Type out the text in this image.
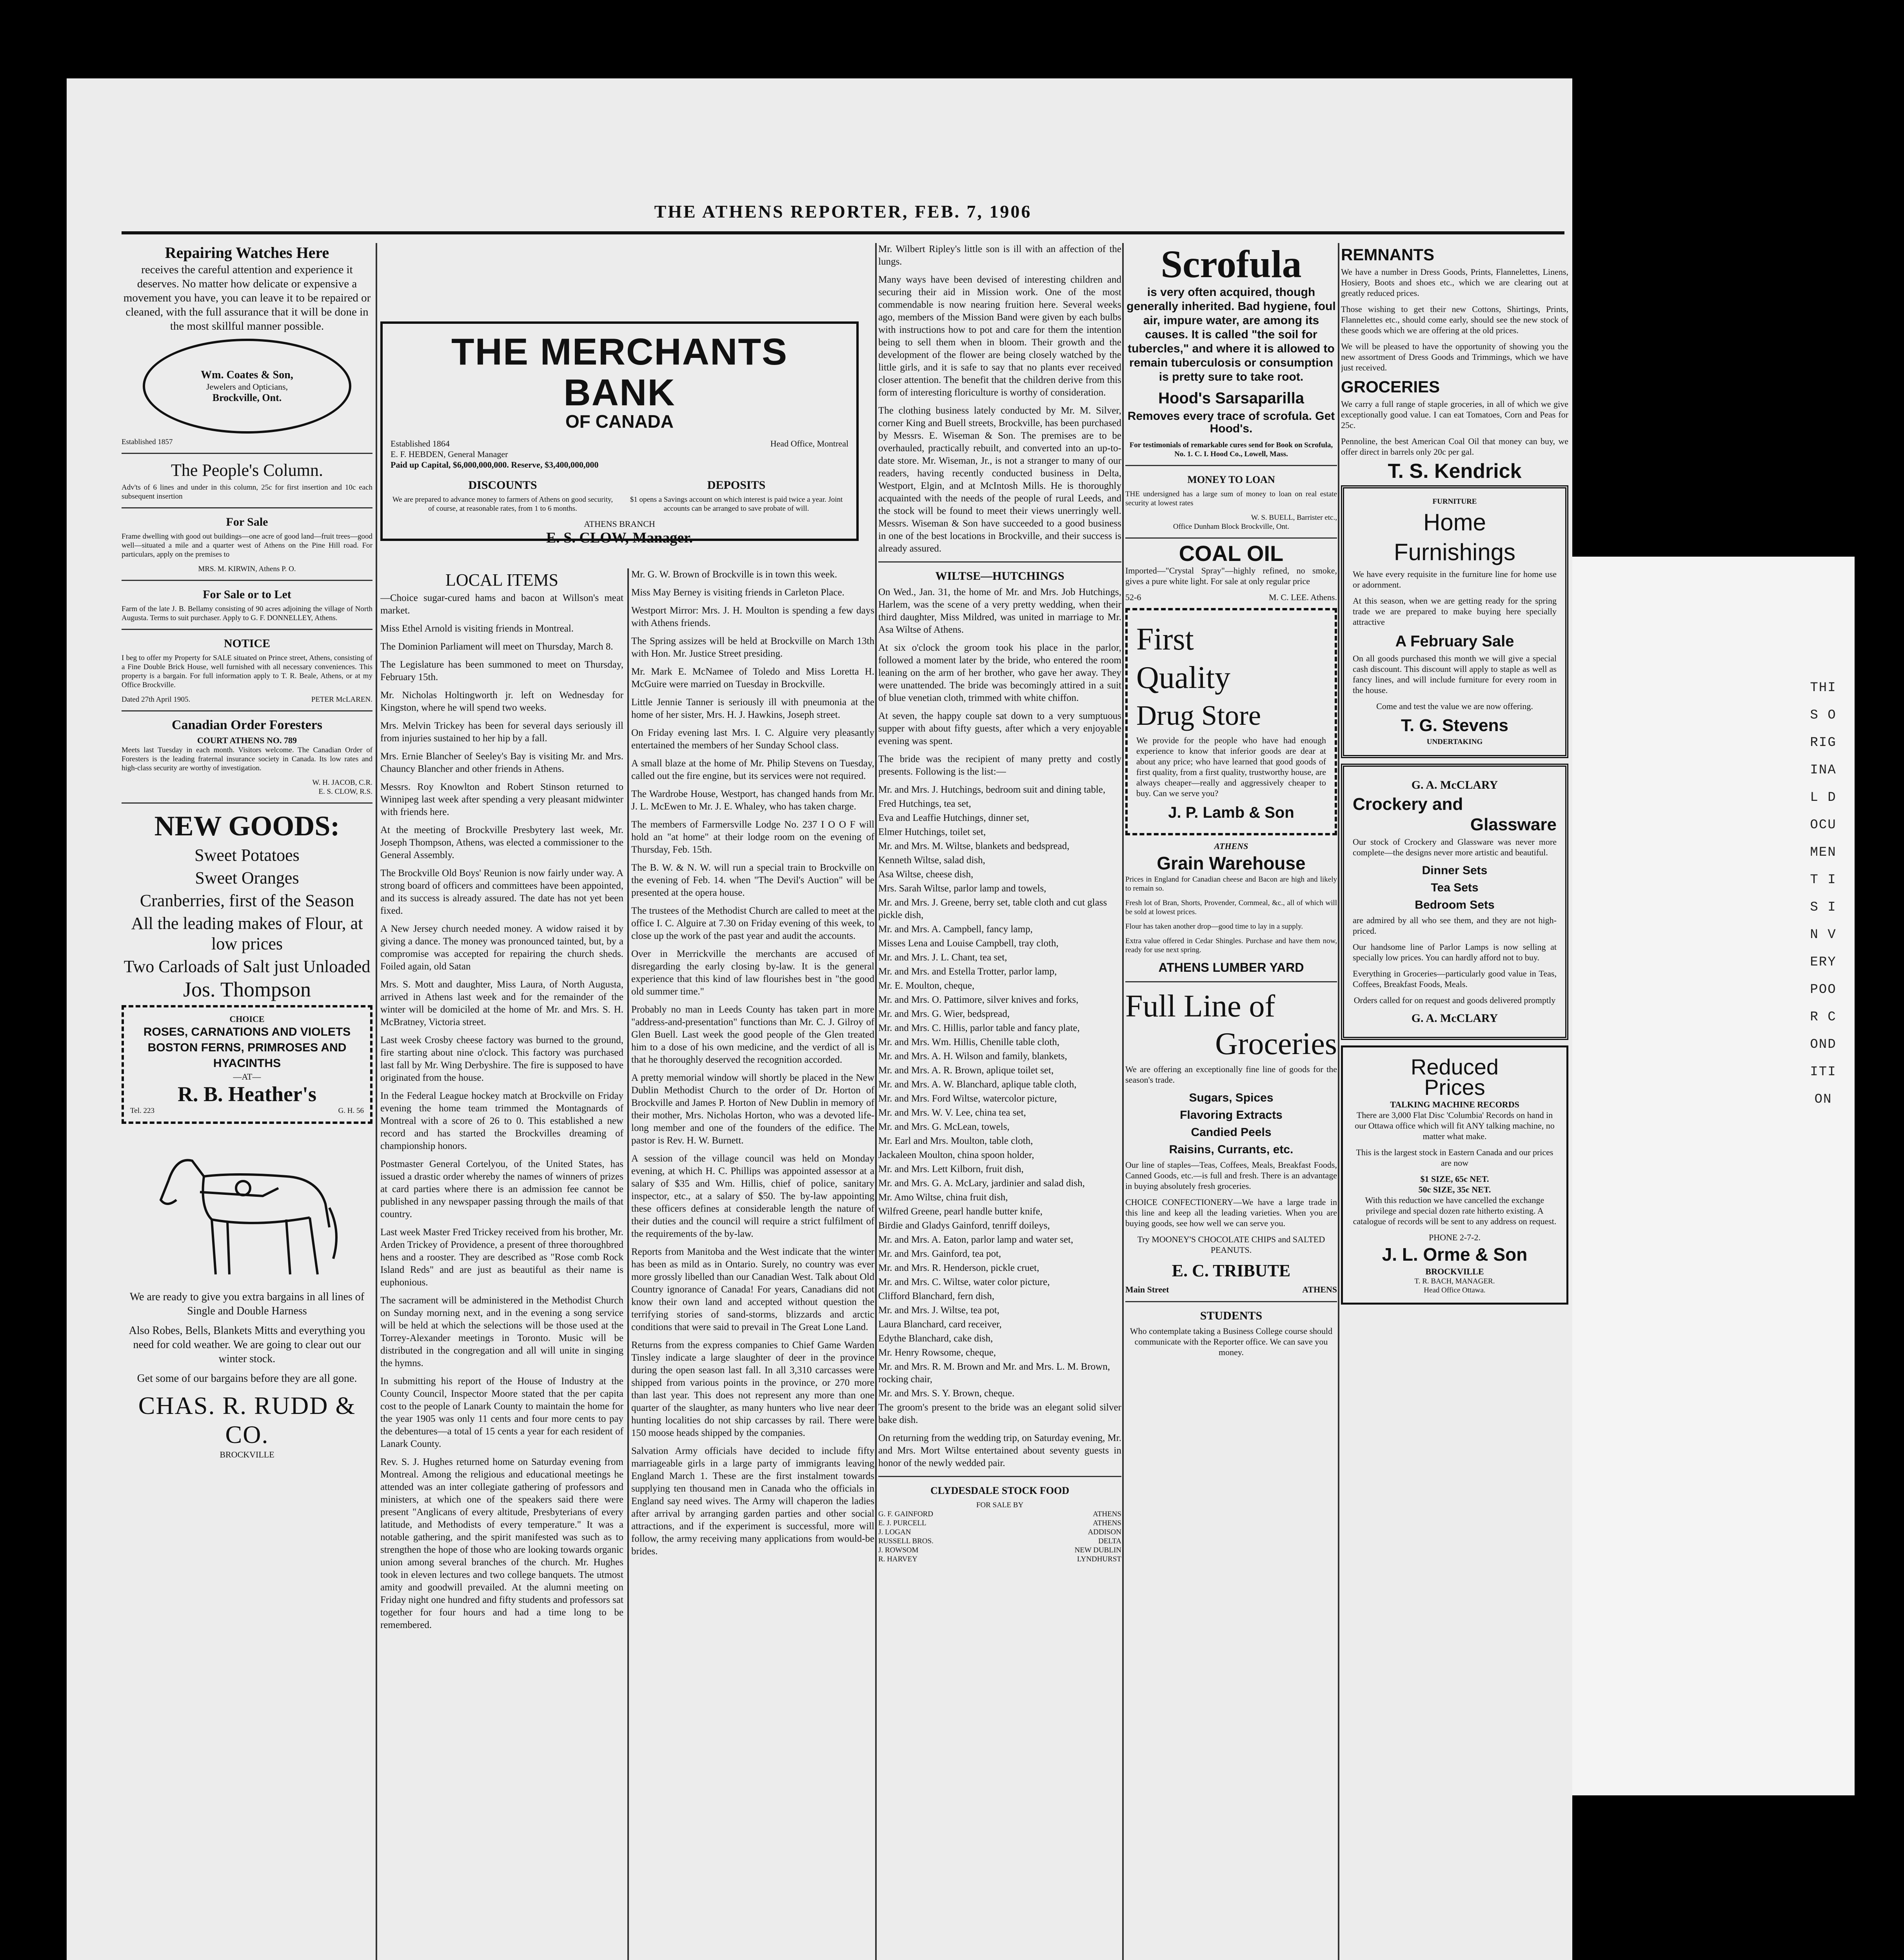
THE ATHENS REPORTER, FEB. 7, 1906
Repairing Watches Here

receives the careful attention and experience it deserves. No matter how delicate or expensive a movement you have, you can leave it to be repaired or cleaned, with the full assurance that it will be done in the most skillful manner possible.

Wm. Coates & Son,
Jewelers and Opticians,
Brockville, Ont.
Established 1857
The People's Column.

Adv'ts of 6 lines and under in this column, 25c for first insertion and 10c each subsequent insertion

For Sale

Frame dwelling with good out buildings—one acre of good land—fruit trees—good well—situated a mile and a quarter west of Athens on the Pine Hill road. For particulars, apply on the premises to

MRS. M. KIRWIN, Athens P. O.

For Sale or to Let

Farm of the late J. B. Bellamy consisting of 90 acres adjoining the village of North Augusta. Terms to suit purchaser. Apply to G. F. DONNELLEY, Athens.

NOTICE

I beg to offer my Property for SALE situated on Prince street, Athens, consisting of a Fine Double Brick House, well furnished with all necessary conveniences. This property is a bargain. For full information apply to T. R. Beale, Athens, or at my Office Brockville.

Dated 27th April 1905.	PETER McLAREN.
Canadian Order Foresters
COURT ATHENS NO. 789

Meets last Tuesday in each month. Visitors welcome. The Canadian Order of Foresters is the leading fraternal insurance society in Canada. Its low rates and high-class security are worthy of investigation.

W. H. JACOB, C.R.
E. S. CLOW, R.S.
NEW GOODS:
Sweet Potatoes
Sweet Oranges
Cranberries, first of the Season
All the leading makes of Flour, at low prices
Two Carloads of Salt just Unloaded
Jos. Thompson
CHOICE
ROSES, CARNATIONS AND VIOLETS BOSTON FERNS, PRIMROSES AND HYACINTHS
—AT—
R. B. Heather's
Tel. 223	G. H. 56

We are ready to give you extra bargains in all lines of Single and Double Harness

Also Robes, Bells, Blankets Mitts and everything you need for cold weather. We are going to clear out our winter stock.

Get some of our bargains before they are all gone.

CHAS. R. RUDD & CO.
BROCKVILLE
THE MERCHANTS BANK
OF CANADA
Established 1864	Head Office, Montreal
E. F. HEBDEN, General Manager
Paid up Capital, $6,000,000,000. Reserve, $3,400,000,000
DISCOUNTS

We are prepared to advance money to farmers of Athens on good security, of course, at reasonable rates, from 1 to 6 months.

DEPOSITS

$1 opens a Savings account on which interest is paid twice a year. Joint accounts can be arranged to save probate of will.

ATHENS BRANCH
E. S. CLOW, Manager.
LOCAL ITEMS

—Choice sugar-cured hams and bacon at Willson's meat market.

Miss Ethel Arnold is visiting friends in Montreal.

The Dominion Parliament will meet on Thursday, March 8.

The Legislature has been summoned to meet on Thursday, February 15th.

Mr. Nicholas Holtingworth jr. left on Wednesday for Kingston, where he will spend two weeks.

Mrs. Melvin Trickey has been for several days seriously ill from injuries sustained to her hip by a fall.

Mrs. Ernie Blancher of Seeley's Bay is visiting Mr. and Mrs. Chauncy Blancher and other friends in Athens.

Messrs. Roy Knowlton and Robert Stinson returned to Winnipeg last week after spending a very pleasant midwinter with friends here.

At the meeting of Brockville Presbytery last week, Mr. Joseph Thompson, Athens, was elected a commissioner to the General Assembly.

The Brockville Old Boys' Reunion is now fairly under way. A strong board of officers and committees have been appointed, and its success is already assured. The date has not yet been fixed.

A New Jersey church needed money. A widow raised it by giving a dance. The money was pronounced tainted, but, by a compromise was accepted for repairing the church sheds. Foiled again, old Satan

Mrs. S. Mott and daughter, Miss Laura, of North Augusta, arrived in Athens last week and for the remainder of the winter will be domiciled at the home of Mr. and Mrs. S. H. McBratney, Victoria street.

Last week Crosby cheese factory was burned to the ground, fire starting about nine o'clock. This factory was purchased last fall by Mr. Wing Derbyshire. The fire is supposed to have originated from the house.

In the Federal League hockey match at Brockville on Friday evening the home team trimmed the Montagnards of Montreal with a score of 26 to 0. This established a new record and has started the Brockvilles dreaming of championship honors.

Postmaster General Cortelyou, of the United States, has issued a drastic order whereby the names of winners of prizes at card parties where there is an admission fee cannot be published in any newspaper passing through the mails of that country.

Last week Master Fred Trickey received from his brother, Mr. Arden Trickey of Providence, a present of three thoroughbred hens and a rooster. They are described as "Rose comb Rock Island Reds" and are just as beautiful as their name is euphonious.

The sacrament will be administered in the Methodist Church on Sunday morning next, and in the evening a song service will be held at which the selections will be those used at the Torrey-Alexander meetings in Toronto. Music will be distributed in the congregation and all will unite in singing the hymns.

In submitting his report of the House of Industry at the County Council, Inspector Moore stated that the per capita cost to the people of Lanark County to maintain the home for the year 1905 was only 11 cents and four more cents to pay the debentures—a total of 15 cents a year for each resident of Lanark County.

Rev. S. J. Hughes returned home on Saturday evening from Montreal. Among the religious and educational meetings he attended was an inter collegiate gathering of professors and ministers, at which one of the speakers said there were present "Anglicans of every altitude, Presbyterians of every latitude, and Methodists of every temperature." It was a notable gathering, and the spirit manifested was such as to strengthen the hope of those who are looking towards organic union among several branches of the church. Mr. Hughes took in eleven lectures and two college banquets. The utmost amity and goodwill prevailed. At the alumni meeting on Friday night one hundred and fifty students and professors sat together for four hours and had a time long to be remembered.

Mr. G. W. Brown of Brockville is in town this week.

Miss May Berney is visiting friends in Carleton Place.

Westport Mirror: Mrs. J. H. Moulton is spending a few days with Athens friends.

The Spring assizes will be held at Brockville on March 13th with Hon. Mr. Justice Street presiding.

Mr. Mark E. McNamee of Toledo and Miss Loretta H. McGuire were married on Tuesday in Brockville.

Little Jennie Tanner is seriously ill with pneumonia at the home of her sister, Mrs. H. J. Hawkins, Joseph street.

On Friday evening last Mrs. I. C. Alguire very pleasantly entertained the members of her Sunday School class.

A small blaze at the home of Mr. Philip Stevens on Tuesday, called out the fire engine, but its services were not required.

The Wardrobe House, Westport, has changed hands from Mr. J. L. McEwen to Mr. J. E. Whaley, who has taken charge.

The members of Farmersville Lodge No. 237 I O O F will hold an "at home" at their lodge room on the evening of Thursday, Feb. 15th.

The B. W. & N. W. will run a special train to Brockville on the evening of Feb. 14. when "The Devil's Auction" will be presented at the opera house.

The trustees of the Methodist Church are called to meet at the office I. C. Alguire at 7.30 on Friday evening of this week, to close up the work of the past year and audit the accounts.

Over in Merrickville the merchants are accused of disregarding the early closing by-law. It is the general experience that this kind of law flourishes best in "the good old summer time."

Probably no man in Leeds County has taken part in more "address-and-presentation" functions than Mr. C. J. Gilroy of Glen Buell. Last week the good people of the Glen treated him to a dose of his own medicine, and the verdict of all is that he thoroughly deserved the recognition accorded.

A pretty memorial window will shortly be placed in the New Dublin Methodist Church to the order of Dr. Horton of Brockville and James P. Horton of New Dublin in memory of their mother, Mrs. Nicholas Horton, who was a devoted life-long member and one of the founders of the edifice. The pastor is Rev. H. W. Burnett.

A session of the village council was held on Monday evening, at which H. C. Phillips was appointed assessor at a salary of $35 and Wm. Hillis, chief of police, sanitary inspector, etc., at a salary of $50. The by-law appointing these officers defines at considerable length the nature of their duties and the council will require a strict fulfilment of the requirements of the by-law.

Reports from Manitoba and the West indicate that the winter has been as mild as in Ontario. Surely, no country was ever more grossly libelled than our Canadian West. Talk about Old Country ignorance of Canada! For years, Canadians did not know their own land and accepted without question the terrifying stories of sand-storms, blizzards and arctic conditions that were said to prevail in The Great Lone Land.

Returns from the express companies to Chief Game Warden Tinsley indicate a large slaughter of deer in the province during the open season last fall. In all 3,310 carcasses were shipped from various points in the province, or 270 more than last year. This does not represent any more than one quarter of the slaughter, as many hunters who live near deer hunting localities do not ship carcasses by rail. There were 150 moose heads shipped by the companies.

Salvation Army officials have decided to include fifty marriageable girls in a large party of immigrants leaving England March 1. These are the first instalment towards supplying ten thousand men in Canada who the officials in England say need wives. The Army will chaperon the ladies after arrival by arranging garden parties and other social attractions, and if the experiment is successful, more will follow, the army receiving many applications from would-be brides.

Mr. Wilbert Ripley's little son is ill with an affection of the lungs.

Many ways have been devised of interesting children and securing their aid in Mission work. One of the most commendable is now nearing fruition here. Several weeks ago, members of the Mission Band were given by each bulbs with instructions how to pot and care for them the intention being to sell them when in bloom. Their growth and the development of the flower are being closely watched by the little girls, and it is safe to say that no plants ever received closer attention. The benefit that the children derive from this form of interesting floriculture is worthy of consideration.

The clothing business lately conducted by Mr. M. Silver, corner King and Buell streets, Brockville, has been purchased by Messrs. E. Wiseman & Son. The premises are to be overhauled, practically rebuilt, and converted into an up-to-date store. Mr. Wiseman, Jr., is not a stranger to many of our readers, having recently conducted business in Delta, Westport, Elgin, and at McIntosh Mills. He is thoroughly acquainted with the needs of the people of rural Leeds, and the stock will be found to meet their views unerringly well. Messrs. Wiseman & Son have succeeded to a good business in one of the best locations in Brockville, and their success is already assured.

WILTSE—HUTCHINGS

On Wed., Jan. 31, the home of Mr. and Mrs. Job Hutchings, Harlem, was the scene of a very pretty wedding, when their third daughter, Miss Mildred, was united in marriage to Mr. Asa Wiltse of Athens.

At six o'clock the groom took his place in the parlor, followed a moment later by the bride, who entered the room leaning on the arm of her brother, who gave her away. They were unattended. The bride was becomingly attired in a suit of blue venetian cloth, trimmed with white chiffon.

At seven, the happy couple sat down to a very sumptuous supper with about fifty guests, after which a very enjoyable evening was spent.

The bride was the recipient of many pretty and costly presents. Following is the list:—

Mr. and Mrs. J. Hutchings, bedroom suit and dining table,
Fred Hutchings, tea set,
Eva and Leaffie Hutchings, dinner set,
Elmer Hutchings, toilet set,
Mr. and Mrs. M. Wiltse, blankets and bedspread,
Kenneth Wiltse, salad dish,
Asa Wiltse, cheese dish,
Mrs. Sarah Wiltse, parlor lamp and towels,
Mr. and Mrs. J. Greene, berry set, table cloth and cut glass pickle dish,
Mr. and Mrs. A. Campbell, fancy lamp,
Misses Lena and Louise Campbell, tray cloth,
Mr. and Mrs. J. L. Chant, tea set,
Mr. and Mrs. and Estella Trotter, parlor lamp,
Mr. E. Moulton, cheque,
Mr. and Mrs. O. Pattimore, silver knives and forks,
Mr. and Mrs. G. Wier, bedspread,
Mr. and Mrs. C. Hillis, parlor table and fancy plate,
Mr. and Mrs. Wm. Hillis, Chenille table cloth,
Mr. and Mrs. A. H. Wilson and family, blankets,
Mr. and Mrs. A. R. Brown, aplique toilet set,
Mr. and Mrs. A. W. Blanchard, aplique table cloth,
Mr. and Mrs. Ford Wiltse, watercolor picture,
Mr. and Mrs. W. V. Lee, china tea set,
Mr. and Mrs. G. McLean, towels,
Mr. Earl and Mrs. Moulton, table cloth,
Jackaleen Moulton, china spoon holder,
Mr. and Mrs. Lett Kilborn, fruit dish,
Mr. and Mrs. G. A. McLary, jardinier and salad dish,
Mr. Amo Wiltse, china fruit dish,
Wilfred Greene, pearl handle butter knife,
Birdie and Gladys Gainford, tenriff doileys,
Mr. and Mrs. A. Eaton, parlor lamp and water set,
Mr. and Mrs. Gainford, tea pot,
Mr. and Mrs. R. Henderson, pickle cruet,
Mr. and Mrs. C. Wiltse, water color picture,
Clifford Blanchard, fern dish,
Mr. and Mrs. J. Wiltse, tea pot,
Laura Blanchard, card receiver,
Edythe Blanchard, cake dish,
Mr. Henry Rowsome, cheque,
Mr. and Mrs. R. M. Brown and Mr. and Mrs. L. M. Brown, rocking chair,
Mr. and Mrs. S. Y. Brown, cheque.

The groom's present to the bride was an elegant solid silver bake dish.

On returning from the wedding trip, on Saturday evening, Mr. and Mrs. Mort Wiltse entertained about seventy guests in honor of the newly wedded pair.

CLYDESDALE STOCK FOOD
FOR SALE BY
G. F. GAINFORD	ATHENS
E. J. PURCELL	ATHENS
J. LOGAN	ADDISON
RUSSELL BROS.	DELTA
J. ROWSOM	NEW DUBLIN
R. HARVEY	LYNDHURST
Scrofula

is very often acquired, though generally inherited. Bad hygiene, foul air, impure water, are among its causes. It is called "the soil for tubercles," and where it is allowed to remain tuberculosis or consumption is pretty sure to take root.

Hood's Sarsaparilla

Removes every trace of scrofula. Get Hood's.

For testimonials of remarkable cures send for Book on Scrofula, No. 1. C. I. Hood Co., Lowell, Mass.

MONEY TO LOAN

THE undersigned has a large sum of money to loan on real estate security at lowest rates

W. S. BUELL, Barrister etc.,
Office Dunham Block Brockville, Ont.
COAL OIL

Imported—"Crystal Spray"—highly refined, no smoke, gives a pure white light. For sale at only regular price

52-6	M. C. LEE. Athens.
First
Quality
Drug Store

We provide for the people who have had enough experience to know that inferior goods are dear at about any price; who have learned that good goods of first quality, from a first quality, trustworthy house, are always cheaper—really and aggressively cheaper to buy. Can we serve you?

J. P. Lamb & Son
ATHENS
Grain Warehouse

Prices in England for Canadian cheese and Bacon are high and likely to remain so.

Fresh lot of Bran, Shorts, Provender, Cornmeal, &c., all of which will be sold at lowest prices.

Flour has taken another drop—good time to lay in a supply.

Extra value offered in Cedar Shingles. Purchase and have them now, ready for use next spring.

ATHENS LUMBER YARD
Full Line of
Groceries

We are offering an exceptionally fine line of goods for the season's trade.

Sugars, Spices
Flavoring Extracts
Candied Peels
Raisins, Currants, etc.

Our line of staples—Teas, Coffees, Meals, Breakfast Foods, Canned Goods, etc.—is full and fresh. There is an advantage in buying absolutely fresh groceries.

CHOICE CONFECTIONERY—We have a large trade in this line and keep all the leading varieties. When you are buying goods, see how well we can serve you.

Try MOONEY'S CHOCOLATE CHIPS and SALTED PEANUTS.

E. C. TRIBUTE
Main Street	ATHENS
STUDENTS

Who contemplate taking a Business College course should communicate with the Reporter office. We can save you money.

REMNANTS

We have a number in Dress Goods, Prints, Flannelettes, Linens, Hosiery, Boots and shoes etc., which we are clearing out at greatly reduced prices.

Those wishing to get their new Cottons, Shirtings, Prints, Flannelettes etc., should come early, should see the new stock of these goods which we are offering at the old prices.

We will be pleased to have the opportunity of showing you the new assortment of Dress Goods and Trimmings, which we have just received.

GROCERIES

We carry a full range of staple groceries, in all of which we give exceptionally good value. I can eat Tomatoes, Corn and Peas for 25c.

Pennoline, the best American Coal Oil that money can buy, we offer direct in barrels only 20c per gal.

T. S. Kendrick
FURNITURE
Home
Furnishings

We have every requisite in the furniture line for home use or adornment.

At this season, when we are getting ready for the spring trade we are prepared to make buying here specially attractive

A February Sale

On all goods purchased this month we will give a special cash discount. This discount will apply to staple as well as fancy lines, and will include furniture for every room in the house.

Come and test the value we are now offering.

T. G. Stevens
UNDERTAKING
G. A. McCLARY
Crockery and
Glassware

Our stock of Crockery and Glassware was never more complete—the designs never more artistic and beautiful.

Dinner Sets
Tea Sets
Bedroom Sets

are admired by all who see them, and they are not high-priced.

Our handsome line of Parlor Lamps is now selling at specially low prices. You can hardly afford not to buy.

Everything in Groceries—particularly good value in Teas, Coffees, Breakfast Foods, Meals.

Orders called for on request and goods delivered promptly

G. A. McCLARY
Reduced
Prices
TALKING MACHINE RECORDS

There are 3,000 Flat Disc 'Columbia' Records on hand in our Ottawa office which will fit ANY talking machine, no matter what make.

This is the largest stock in Eastern Canada and our prices are now

$1 SIZE, 65c NET.
50c SIZE, 35c NET.

With this reduction we have cancelled the exchange privilege and special dozen rate hitherto existing. A catalogue of records will be sent to any address on request.

PHONE 2-7-2.
J. L. Orme & Son
BROCKVILLE
T. R. BACH, MANAGER.
Head Office Ottawa.
THIS ORIGINAL DOCUMENT IS IN VERY POOR CONDITION
